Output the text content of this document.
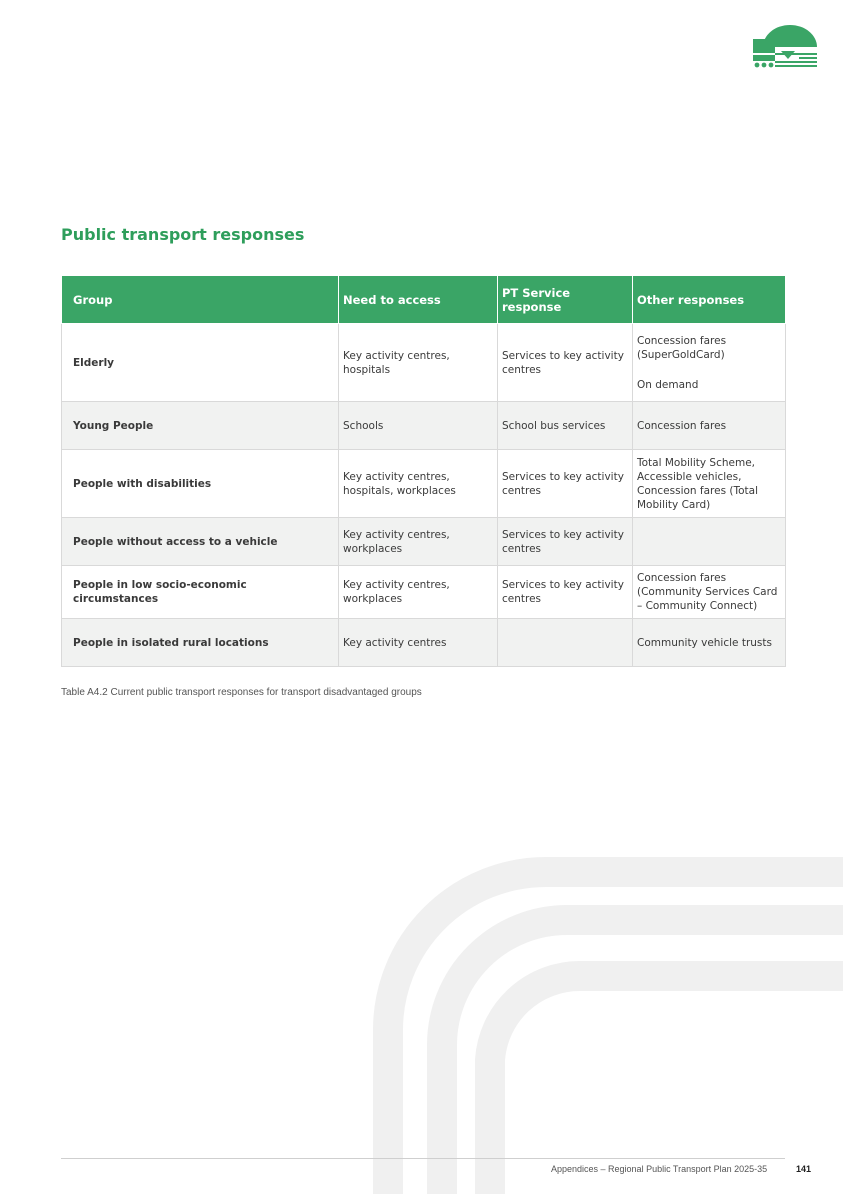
Public transport responses
Group	Need to access	PT Service response	Other responses
Elderly	Key activity centres, hospitals	Services to key activity centres	Concession fares (SuperGoldCard)
On demand

Young People	Schools	School bus services	Concession fares
People with disabilities	Key activity centres, hospitals, workplaces	Services to key activity centres	Total Mobility Scheme, Accessible vehicles, Concession fares (Total Mobility Card)
People without access to a vehicle	Key activity centres, workplaces	Services to key activity centres	
People in low socio-economic circumstances	Key activity centres, workplaces	Services to key activity centres	Concession fares (Community Services Card – Community Connect)
People in isolated rural locations	Key activity centres		Community vehicle trusts
Table A4.2 Current public transport responses for transport disadvantaged groups
Appendices – Regional Public Transport Plan 2025-35	141
